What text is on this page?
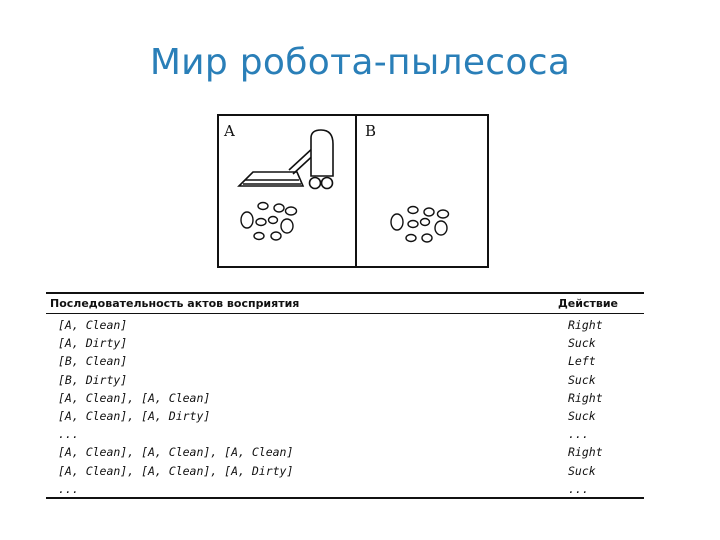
Мир робота-пылесоса
A	B
Последовательность актов восприятия	Действие
[A, Clean]	Right
[A, Dirty]	Suck
[B, Clean]	Left
[B, Dirty]	Suck
[A, Clean], [A, Clean]	Right
[A, Clean], [A, Dirty]	Suck
...	...
[A, Clean], [A, Clean], [A, Clean]	Right
[A, Clean], [A, Clean], [A, Dirty]	Suck
...	...
